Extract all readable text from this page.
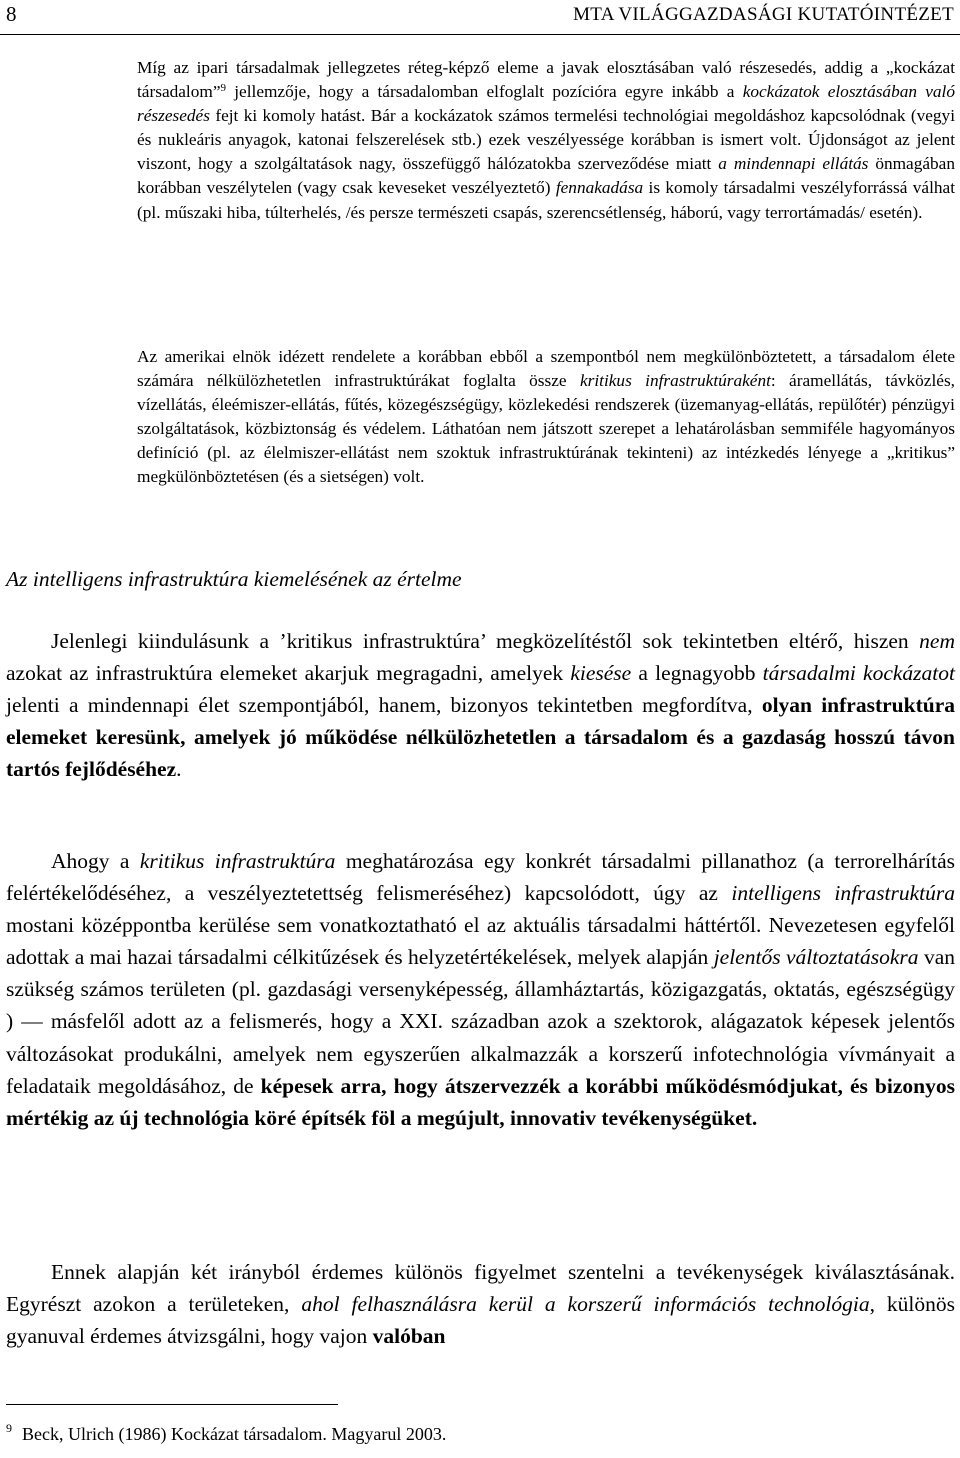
8	MTA VILÁGGAZDASÁGI KUTATÓINTÉZET

Míg az ipari társadalmak jellegzetes réteg-képző eleme a javak elosztásában való részesedés, addig a „kockázat társadalom”$^9$ jellemzője, hogy a társadalomban elfoglalt pozícióra egyre inkább a kockázatok elosztásában való részesedés fejt ki komoly hatást. Bár a kockázatok számos termelési technológiai megoldáshoz kapcsolódnak (vegyi és nukleáris anyagok, katonai felszerelések stb.) ezek veszélyessége korábban is ismert volt. Újdonságot az jelent viszont, hogy a szolgáltatások nagy, összefüggő hálózatokba szerveződése miatt a mindennapi ellátás önmagában korábban veszélytelen (vagy csak keveseket veszélyeztető) fennakadása is komoly társadalmi veszélyforrássá válhat (pl. műszaki hiba, túlterhelés, /és persze természeti csapás, szerencsétlenség, háború, vagy terrortámadás/ esetén).

Az amerikai elnök idézett rendelete a korábban ebből a szempontból nem megkülönböztetett, a társadalom élete számára nélkülözhetetlen infrastruktúrákat foglalta össze kritikus infrastruktúraként: áramellátás, távközlés, vízellátás, éleémiszer-ellátás, fűtés, közegészségügy, közlekedési rendszerek (üzemanyag-ellátás, repülőtér) pénzügyi szolgáltatások, közbiztonság és védelem. Láthatóan nem játszott szerepet a lehatárolásban semmiféle hagyományos definíció (pl. az élelmiszer-ellátást nem szoktuk infrastruktúrának tekinteni) az intézkedés lényege a „kritikus” megkülönböztetésen (és a sietségen) volt.

Az intelligens infrastruktúra kiemelésének az értelme

Jelenlegi kiindulásunk a ’kritikus infrastruktúra’ megközelítéstől sok tekintetben eltérő, hiszen nem azokat az infrastruktúra elemeket akarjuk megragadni, amelyek kiesése a legnagyobb társadalmi kockázatot jelenti a mindennapi élet szempontjából, hanem, bizonyos tekintetben megfordítva, olyan infrastruktúra elemeket keresünk, amelyek jó működése nélkülözhetetlen a társadalom és a gazdaság hosszú távon tartós fejlődéséhez.

Ahogy a kritikus infrastruktúra meghatározása egy konkrét társadalmi pillanathoz (a terrorelhárítás felértékelődéséhez, a veszélyeztetettség felismeréséhez) kapcsolódott, úgy az intelligens infrastruktúra mostani középpontba kerülése sem vonatkoztatható el az aktuális társadalmi háttértől. Nevezetesen egyfelől adottak a mai hazai társadalmi célkitűzések és helyzetértékelések, melyek alapján jelentős változtatásokra van szükség számos területen (pl. gazdasági versenyképesség, államháztartás, közigazgatás, oktatás, egészségügy ) — másfelől adott az a felismerés, hogy a XXI. században azok a szektorok, alágazatok képesek jelentős változásokat produkálni, amelyek nem egyszerűen alkalmazzák a korszerű infotechnológia vívmányait a feladataik megoldásához, de képesek arra, hogy átszervezzék a korábbi működésmódjukat, és bizonyos mértékig az új technológia köré építsék föl a megújult, innovativ tevékenységüket.

Ennek alapján két irányból érdemes különös figyelmet szentelni a tevékenységek kiválasztásának. Egyrészt azokon a területeken, ahol felhasználásra kerül a korszerű információs technológia, különös gyanuval érdemes átvizsgálni, hogy vajon valóban

$^9$ Beck, Ulrich (1986) Kockázat társadalom. Magyarul 2003.
